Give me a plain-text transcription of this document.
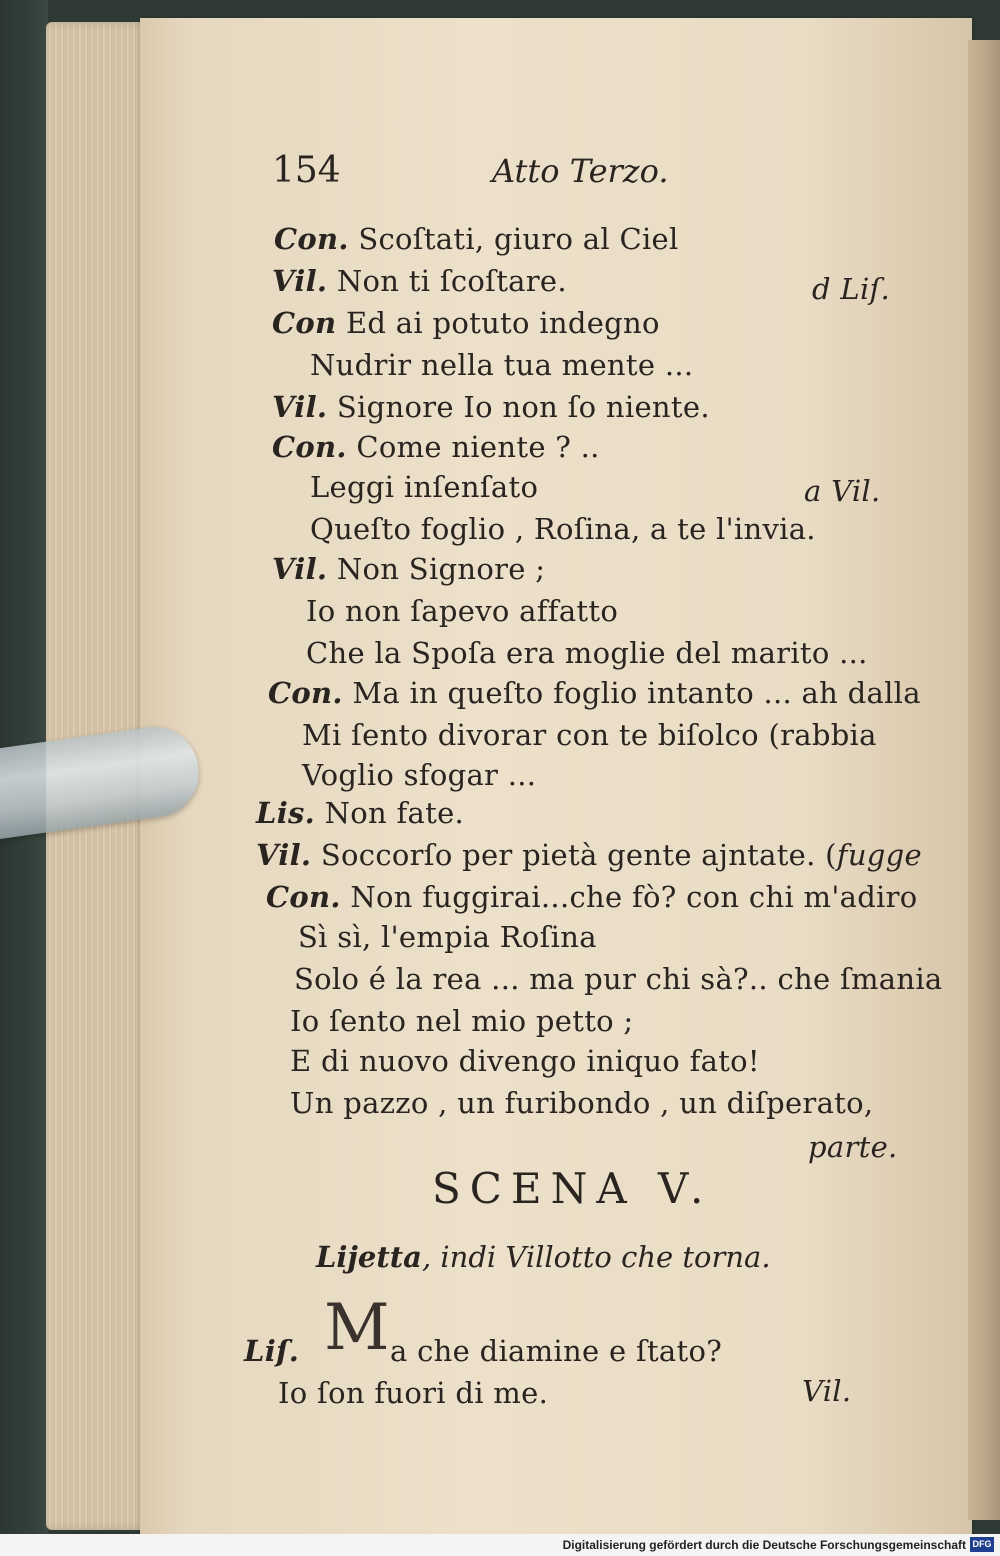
154	Atto Terzo.
Con. Scoſtati, giuro al Ciel
Vil. Non ti ſcoſtare.	d Liſ.
Con Ed ai potuto indegno
Nudrir nella tua mente ...
Vil. Signore Io non ſo niente.
Con. Come niente ? ..
Leggi inſenſato	a Vil.
Queſto foglio , Roſina, a te l'invia.
Vil. Non Signore ;
Io non ſapevo affatto
Che la Spoſa era moglie del marito ...
Con. Ma in queſto foglio intanto ... ah dalla
Mi ſento divorar con te biſolco (rabbia
Voglio sfogar ...
Lis. Non fate.
Vil. Soccorſo per pietà gente ajntate. (fugge
Con. Non fuggirai...che fò? con chi m'adiro
Sì sì, l'empia Roſina
Solo é la rea ... ma pur chi sà?.. che ſmania
Io ſento nel mio petto ;
E di nuovo divengo iniquo fato!
Un pazzo , un furibondo , un diſperato,
parte.
SCENA V.
Lijetta, indi Villotto che torna.
Liſ. M a che diamine e ſtato?
Io ſon fuori di me.	Vil.
Digitalisierung gefördert durch die Deutsche Forschungsgemeinschaft DFG
